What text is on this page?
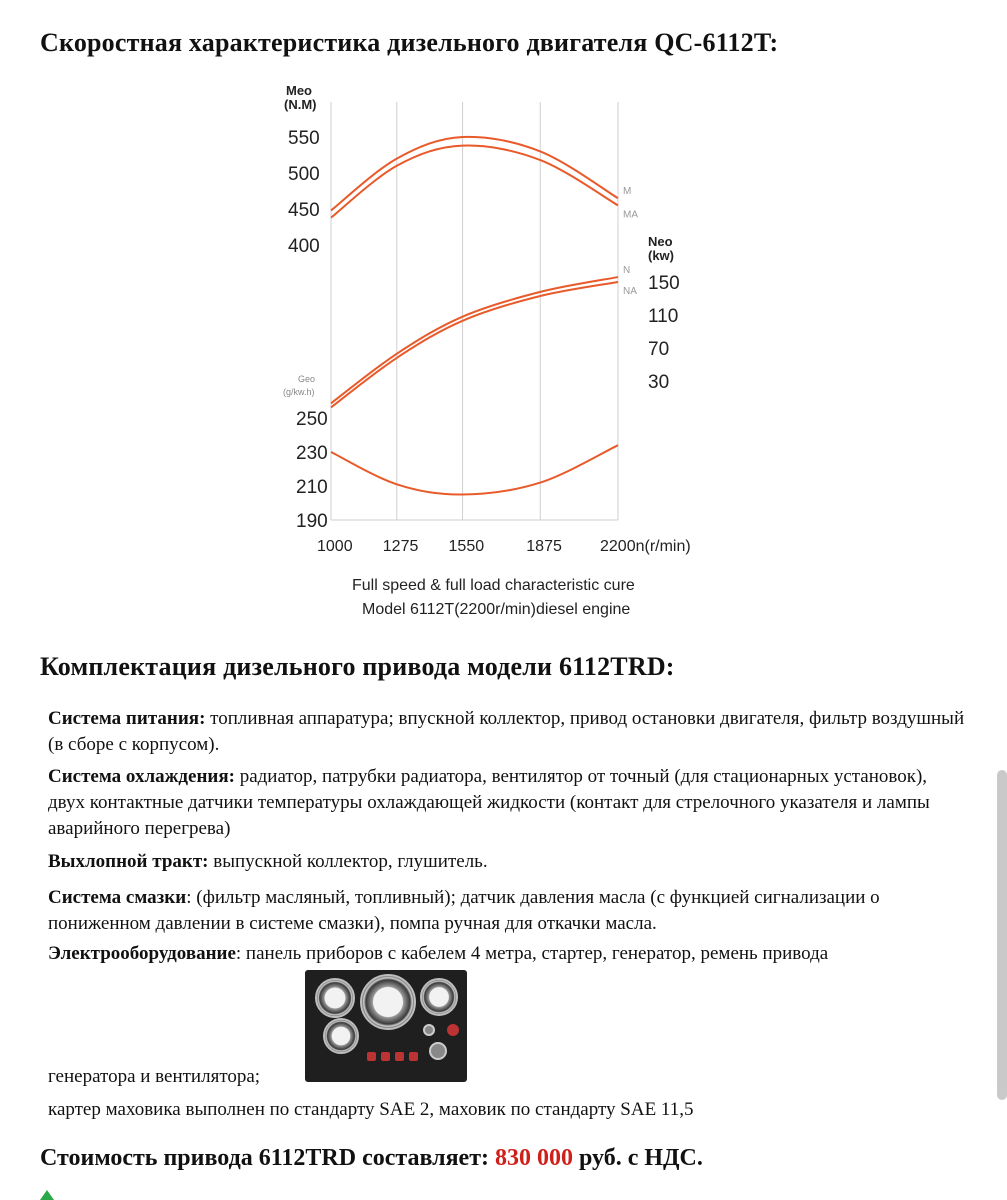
Скоростная характеристика дизельного двигателя QC-6112T:
Meo
(N.M)
550
500
450
400	Neo
(kw)
150
110
70
30
Geo
(g/kw.h)
250
230
210
190
1000 1275 1550	1875 2200n(r/min)
M
MA
N
NA
Full speed & full load characteristic cure
Model 6112T(2200r/min)diesel engine
Комплектация дизельного привода модели 6112TRD:

Система питания: топливная аппаратура; впускной коллектор, привод остановки двигателя, фильтр воздушный (в сборе с корпусом).

Система охлаждения: радиатор, патрубки радиатора, вентилятор от точный (для стационарных установок), двух контактные датчики температуры охлаждающей жидкости (контакт для стрелочного указателя и лампы аварийного перегрева)

Выхлопной тракт: выпускной коллектор, глушитель.

Система смазки: (фильтр масляный, топливный); датчик давления масла (с функцией сигнализации о пониженном давлении в системе смазки), помпа ручная для откачки масла.

Электрооборудование: панель приборов с кабелем 4 метра, стартер, генератор, ремень привода

генератора и вентилятора;

картер маховика выполнен по стандарту SAE 2, маховик по стандарту SAE 11,5

Стоимость привода 6112TRD составляет: 830 000 руб. с НДС.
